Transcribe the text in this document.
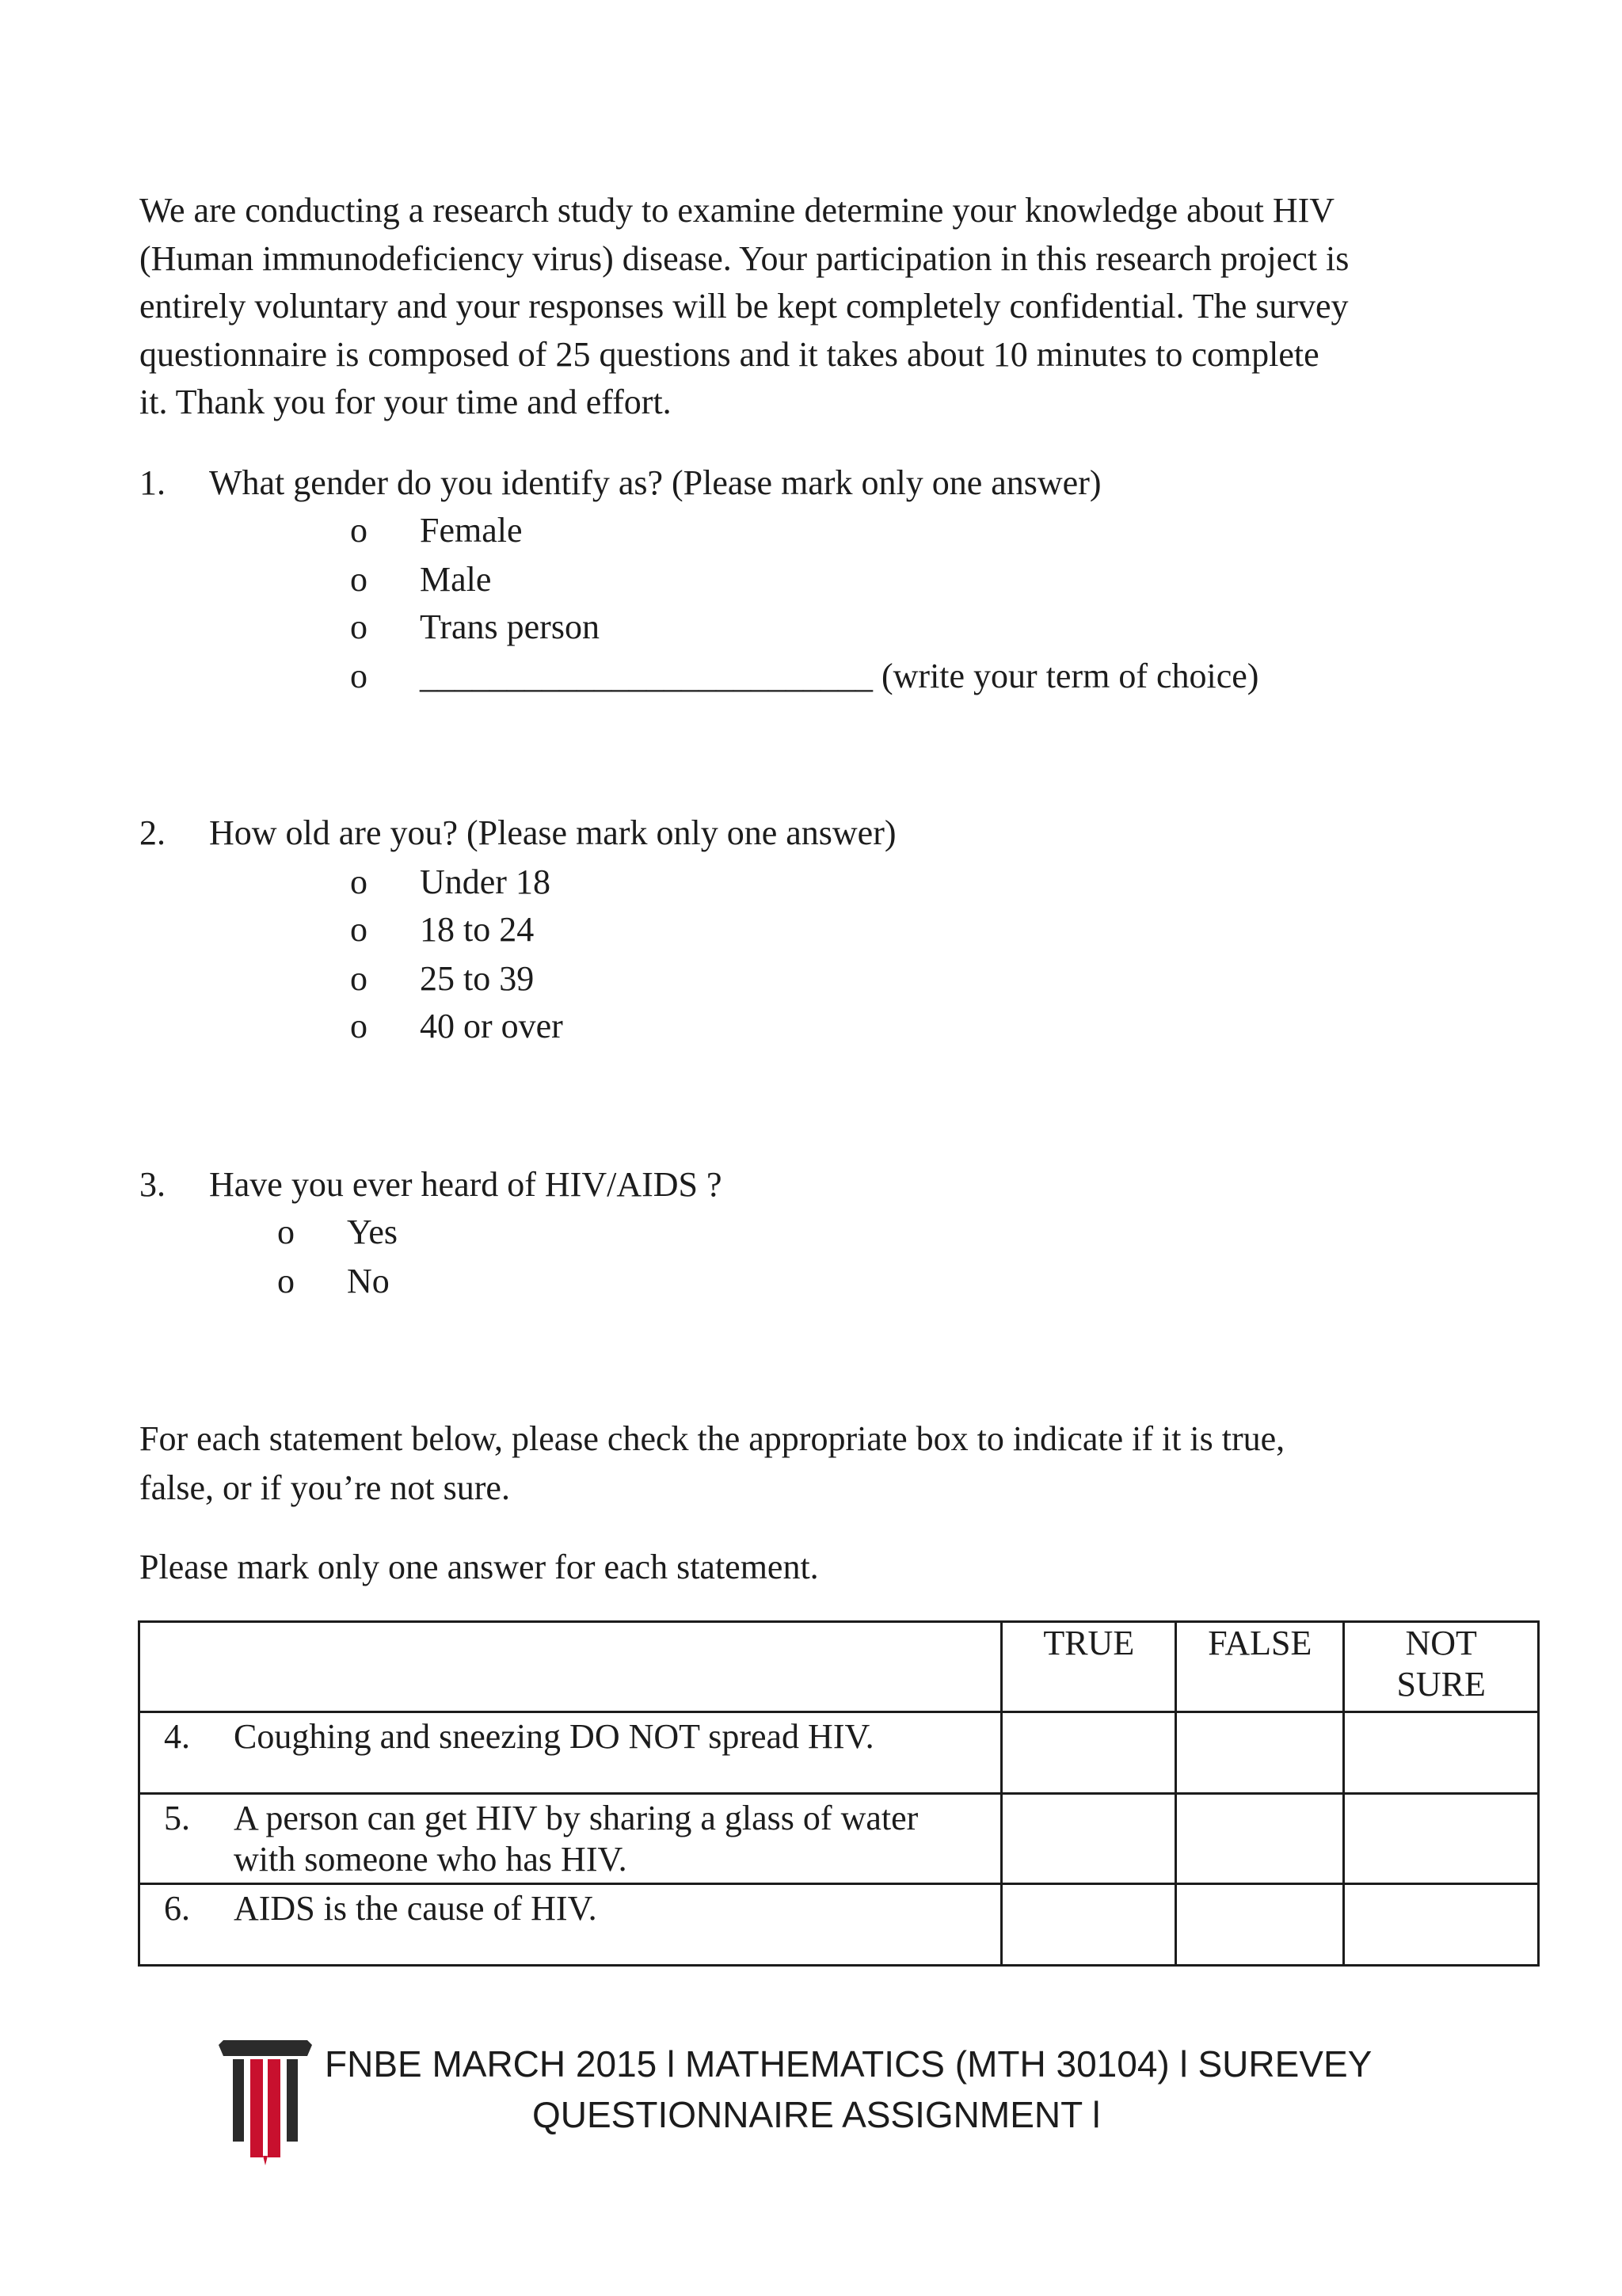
We are conducting a research study to examine determine your knowledge about HIV
(Human immunodeficiency virus) disease. Your participation in this research project is
entirely voluntary and your responses will be kept completely confidential. The survey
questionnaire is composed of 25 questions and it takes about 10 minutes to complete
it. Thank you for your time and effort.
1. What gender do you identify as? (Please mark only one answer)
o Female
o Male
o Trans person
o __________________________ (write your term of choice)
2. How old are you? (Please mark only one answer)
o Under 18
o 18 to 24
o 25 to 39
o 40 or over
3. Have you ever heard of HIV/AIDS ?
o Yes
o No
For each statement below, please check the appropriate box to indicate if it is true,
false, or if you’re not sure.
Please mark only one answer for each statement.
	TRUE	FALSE	NOT
SURE

4. Coughing and sneezing DO NOT spread HIV.			

5. A person can get HIV by sharing a glass of water with someone who has HIV.			

6. AIDS is the cause of HIV.			

FNBE MARCH 2015 l MATHEMATICS (MTH 30104) l SUREVEY
QUESTIONNAIRE ASSIGNMENT l
